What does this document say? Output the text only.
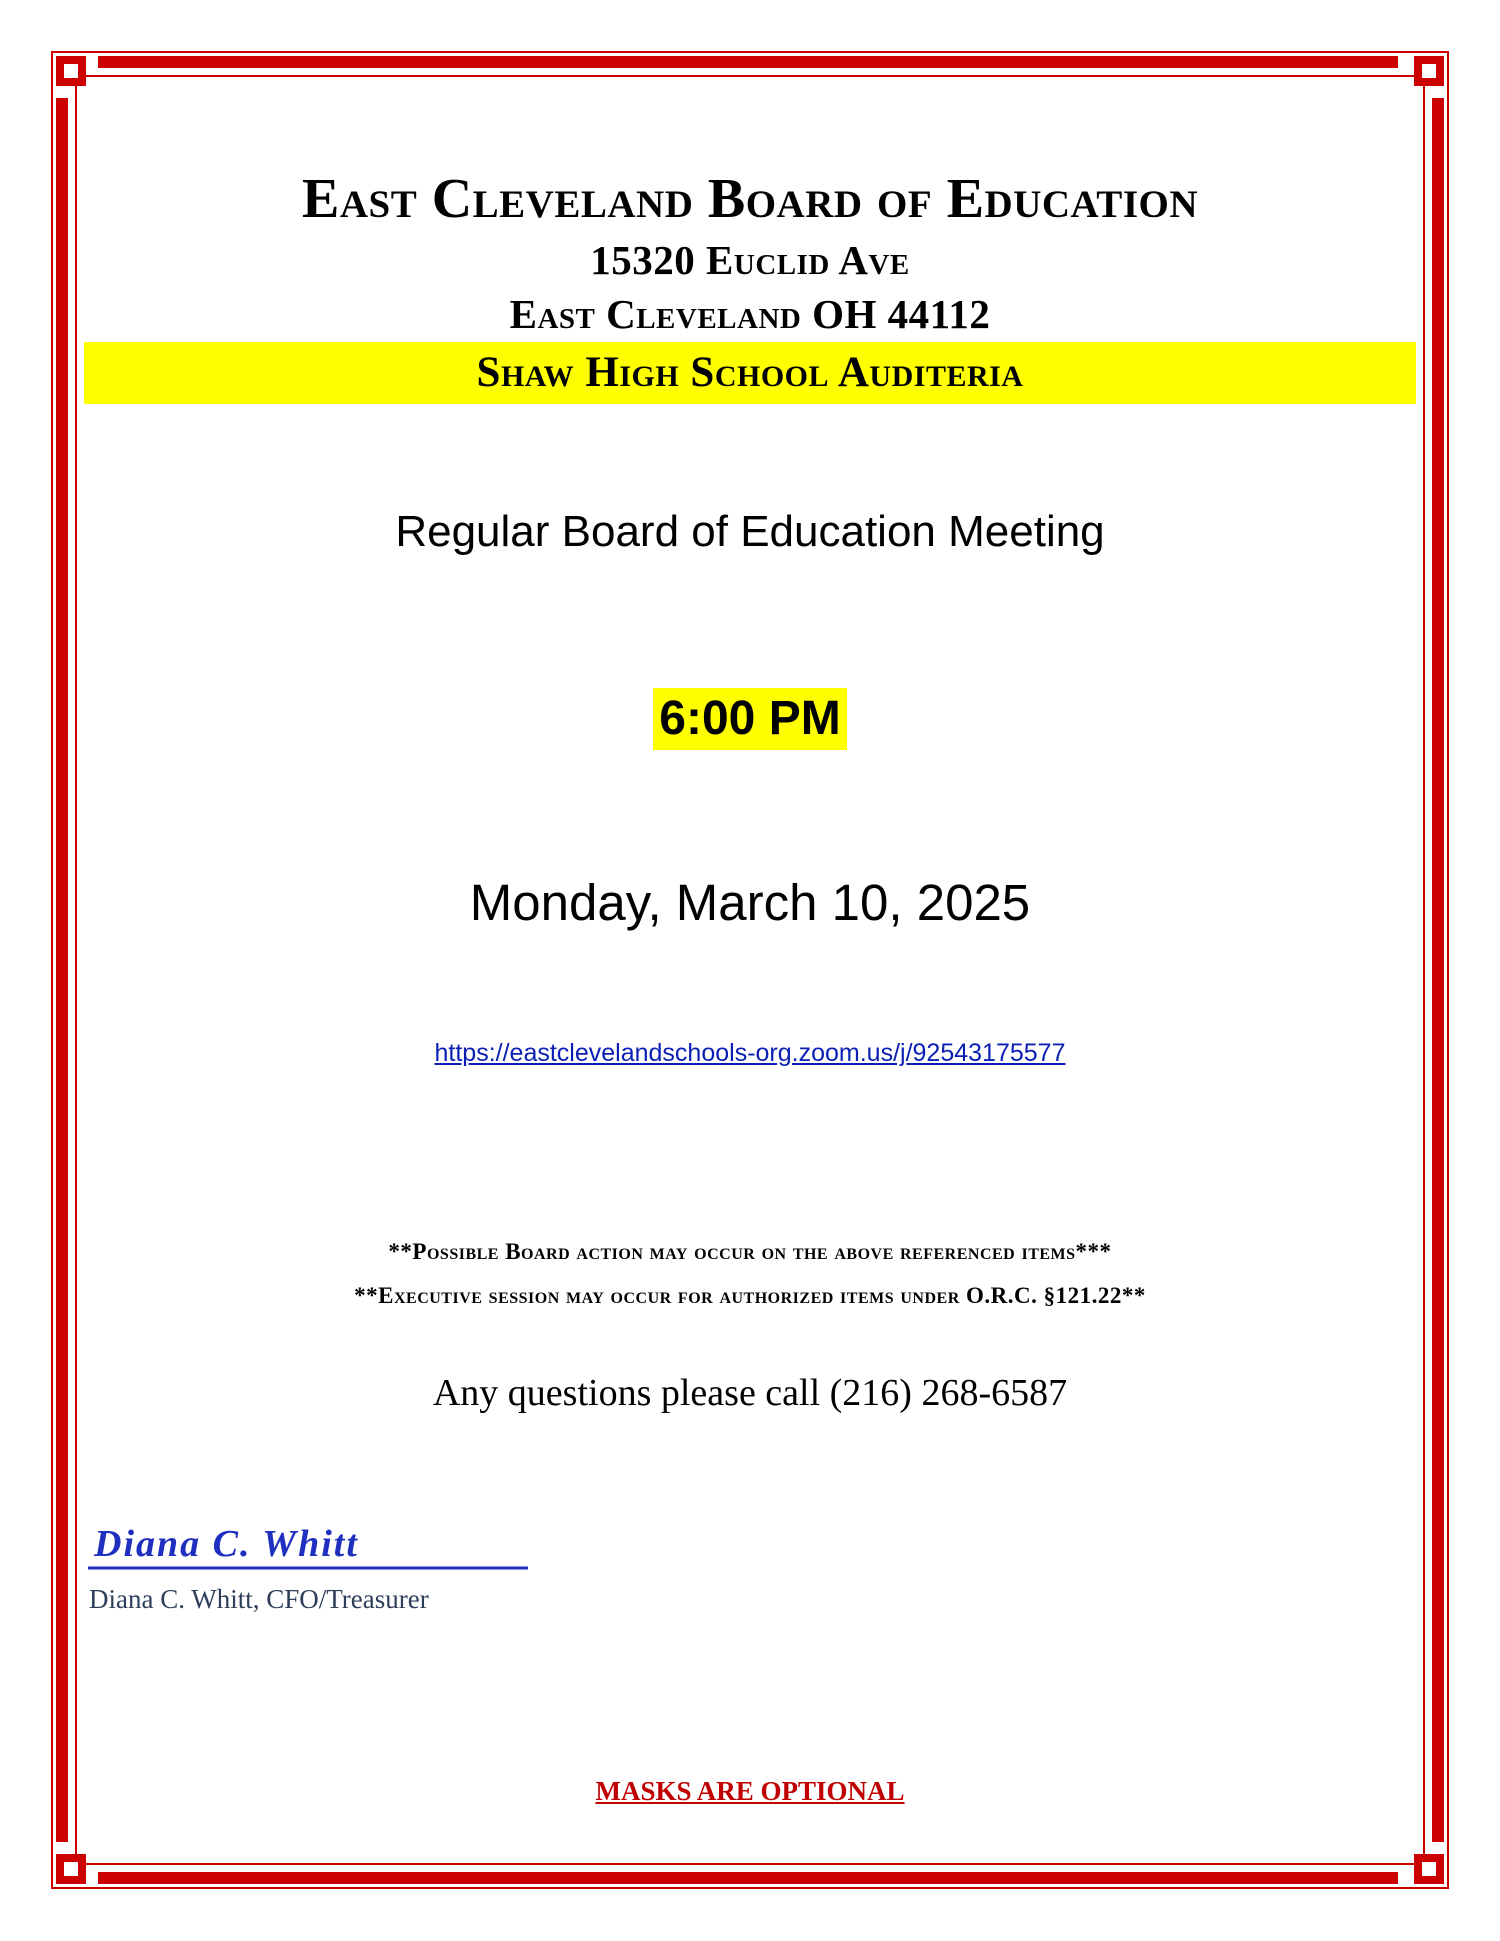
East Cleveland Board of Education
15320 Euclid Ave
East Cleveland OH 44112
Shaw High School Auditeria
Regular Board of Education Meeting
6:00 PM
Monday, March 10, 2025
https://eastclevelandschools-org.zoom.us/j/92543175577
**Possible Board action may occur on the above referenced items***
**Executive session may occur for authorized items under O.R.C. §121.22**
Any questions please call (216) 268-6587
Diana C. Whitt
Diana C. Whitt, CFO/Treasurer
MASKS ARE OPTIONAL
